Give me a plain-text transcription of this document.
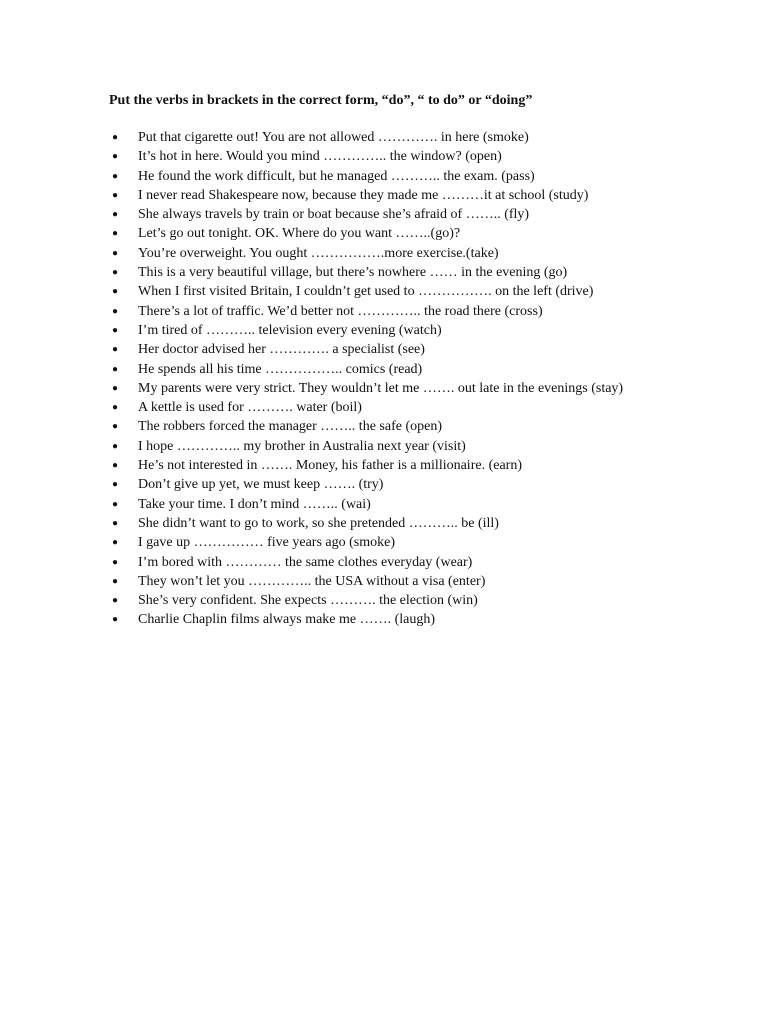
Put the verbs in brackets in the correct form, “do”, “ to do” or “doing”
●	Put that cigarette out! You are not allowed …………. in here (smoke)
●	It’s hot in here. Would you mind ………….. the window? (open)
●	He found the work difficult, but he managed ……….. the exam. (pass)
●	I never read Shakespeare now, because they made me ………it at school (study)
●	She always travels by train or boat because she’s afraid of …….. (fly)
●	Let’s go out tonight. OK. Where do you want ……..(go)?
●	You’re overweight. You ought …………….more exercise.(take)
●	This is a very beautiful village, but there’s nowhere …… in the evening (go)
●	When I first visited Britain, I couldn’t get used to ……………. on the left (drive)
●	There’s a lot of traffic. We’d better not ………….. the road there (cross)
●	I’m tired of ……….. television every evening (watch)
●	Her doctor advised her …………. a specialist (see)
●	He spends all his time …………….. comics (read)
●	My parents were very strict. They wouldn’t let me ……. out late in the evenings (stay)
●	A kettle is used for ………. water (boil)
●	The robbers forced the manager …….. the safe (open)
●	I hope ………….. my brother in Australia next year (visit)
●	He’s not interested in ……. Money, his father is a millionaire. (earn)
●	Don’t give up yet, we must keep ……. (try)
●	Take your time. I don’t mind …….. (wai)
●	She didn’t want to go to work, so she pretended ……….. be (ill)
●	I gave up …………… five years ago (smoke)
●	I’m bored with ………… the same clothes everyday (wear)
●	They won’t let you ………….. the USA without a visa (enter)
●	She’s very confident. She expects ………. the election (win)
●	Charlie Chaplin films always make me ……. (laugh)
